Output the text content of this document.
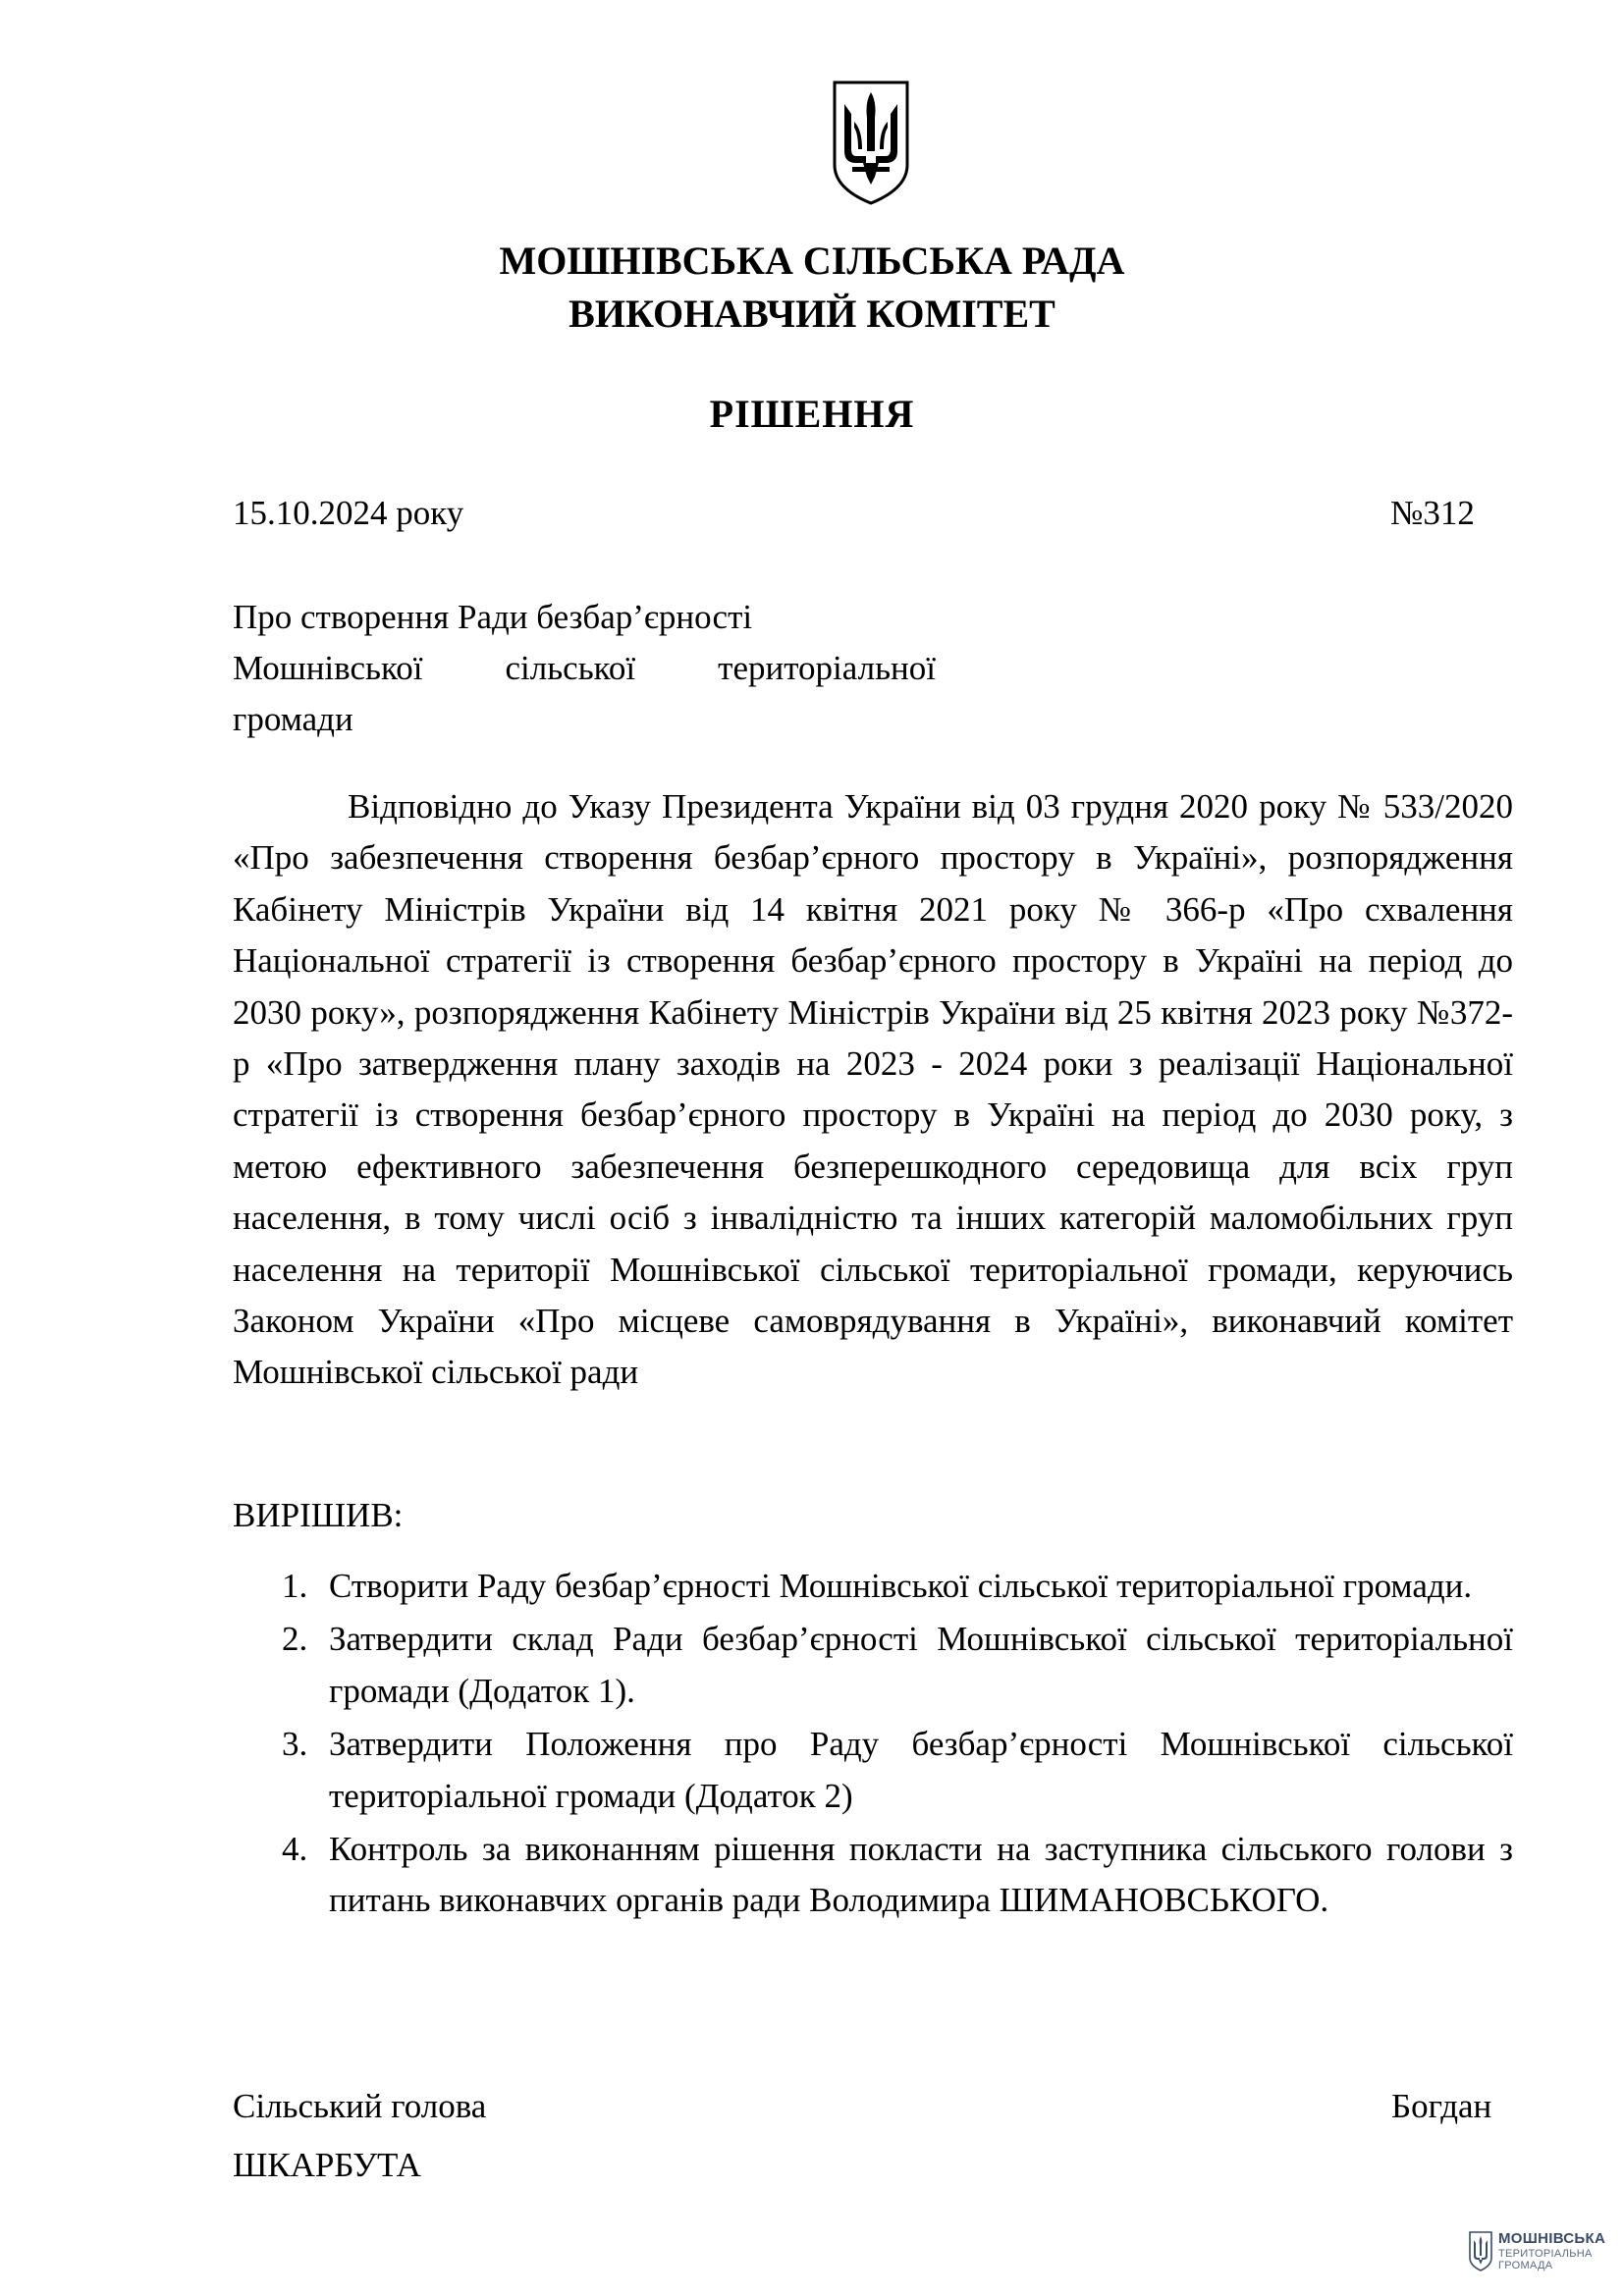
МОШНІВСЬКА СІЛЬСЬКА РАДА
ВИКОНАВЧИЙ КОМІТЕТ
РІШЕННЯ
15.10.2024 року	№312
Про створення Ради безбар’єрності
Мошнівської сільської територіальної
громади

Відповідно до Указу Президента України від 03 грудня 2020 року № 533/2020 «Про забезпечення створення безбар’єрного простору в Україні», розпорядження Кабінету Міністрів України від 14 квітня 2021 року № 366-р «Про схвалення Національної стратегії із створення безбар’єрного простору в Україні на період до 2030 року», розпорядження Кабінету Міністрів України від 25 квітня 2023 року №372-р «Про затвердження плану заходів на 2023 - 2024 роки з реалізації Національної стратегії із створення безбар’єрного простору в Україні на період до 2030 року, з метою ефективного забезпечення безперешкодного середовища для всіх груп населення, в тому числі осіб з інвалідністю та інших категорій маломобільних груп населення на території Мошнівської сільської територіальної громади, керуючись Законом України «Про місцеве самоврядування в Україні», виконавчий комітет Мошнівської сільської ради

ВИРІШИВ:
1. Створити Раду безбар’єрності Мошнівської сільської територіальної громади.
2. Затвердити склад Ради безбар’єрності Мошнівської сільської територіальної громади (Додаток 1).
3. Затвердити Положення про Раду безбар’єрності Мошнівської сільської територіальної громади (Додаток 2)
4. Контроль за виконанням рішення покласти на заступника сільського голови з питань виконавчих органів ради Володимира ШИМАНОВСЬКОГО.
Сільський голова	Богдан
ШКАРБУТА
МОШНІВСЬКА
ТЕРИТОРІАЛЬНА
ГРОМАДА
